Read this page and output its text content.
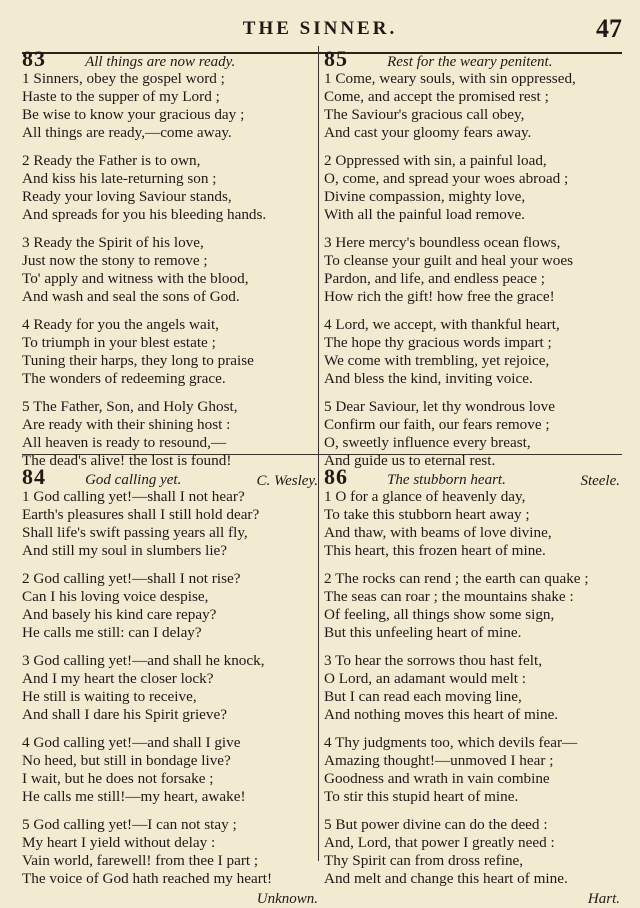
THE SINNER.	47
83	All things are now ready.
1 Sinners, obey the gospel word ;
Haste to the supper of my Lord ;
Be wise to know your gracious day ;
All things are ready,—come away.
2 Ready the Father is to own,
And kiss his late-returning son ;
Ready your loving Saviour stands,
And spreads for you his bleeding hands.
3 Ready the Spirit of his love,
Just now the stony to remove ;
To' apply and witness with the blood,
And wash and seal the sons of God.
4 Ready for you the angels wait,
To triumph in your blest estate ;
Tuning their harps, they long to praise
The wonders of redeeming grace.
5 The Father, Son, and Holy Ghost,
Are ready with their shining host :
All heaven is ready to resound,—
The dead's alive! the lost is found!
C. Wesley.
85	Rest for the weary penitent.
1 Come, weary souls, with sin oppressed,
Come, and accept the promised rest ;
The Saviour's gracious call obey,
And cast your gloomy fears away.
2 Oppressed with sin, a painful load,
O, come, and spread your woes abroad ;
Divine compassion, mighty love,
With all the painful load remove.
3 Here mercy's boundless ocean flows,
To cleanse your guilt and heal your woes
Pardon, and life, and endless peace ;
How rich the gift! how free the grace!
4 Lord, we accept, with thankful heart,
The hope thy gracious words impart ;
We come with trembling, yet rejoice,
And bless the kind, inviting voice.
5 Dear Saviour, let thy wondrous love
Confirm our faith, our fears remove ;
O, sweetly influence every breast,
And guide us to eternal rest.
Steele.
84	God calling yet.
1 God calling yet!—shall I not hear?
Earth's pleasures shall I still hold dear?
Shall life's swift passing years all fly,
And still my soul in slumbers lie?
2 God calling yet!—shall I not rise?
Can I his loving voice despise,
And basely his kind care repay?
He calls me still: can I delay?
3 God calling yet!—and shall he knock,
And I my heart the closer lock?
He still is waiting to receive,
And shall I dare his Spirit grieve?
4 God calling yet!—and shall I give
No heed, but still in bondage live?
I wait, but he does not forsake ;
He calls me still!—my heart, awake!
5 God calling yet!—I can not stay ;
My heart I yield without delay :
Vain world, farewell! from thee I part ;
The voice of God hath reached my heart!
Unknown.
86	The stubborn heart.
1 O for a glance of heavenly day,
To take this stubborn heart away ;
And thaw, with beams of love divine,
This heart, this frozen heart of mine.
2 The rocks can rend ; the earth can quake ;
The seas can roar ; the mountains shake :
Of feeling, all things show some sign,
But this unfeeling heart of mine.
3 To hear the sorrows thou hast felt,
O Lord, an adamant would melt :
But I can read each moving line,
And nothing moves this heart of mine.
4 Thy judgments too, which devils fear—
Amazing thought!—unmoved I hear ;
Goodness and wrath in vain combine
To stir this stupid heart of mine.
5 But power divine can do the deed :
And, Lord, that power I greatly need :
Thy Spirit can from dross refine,
And melt and change this heart of mine.
Hart.
